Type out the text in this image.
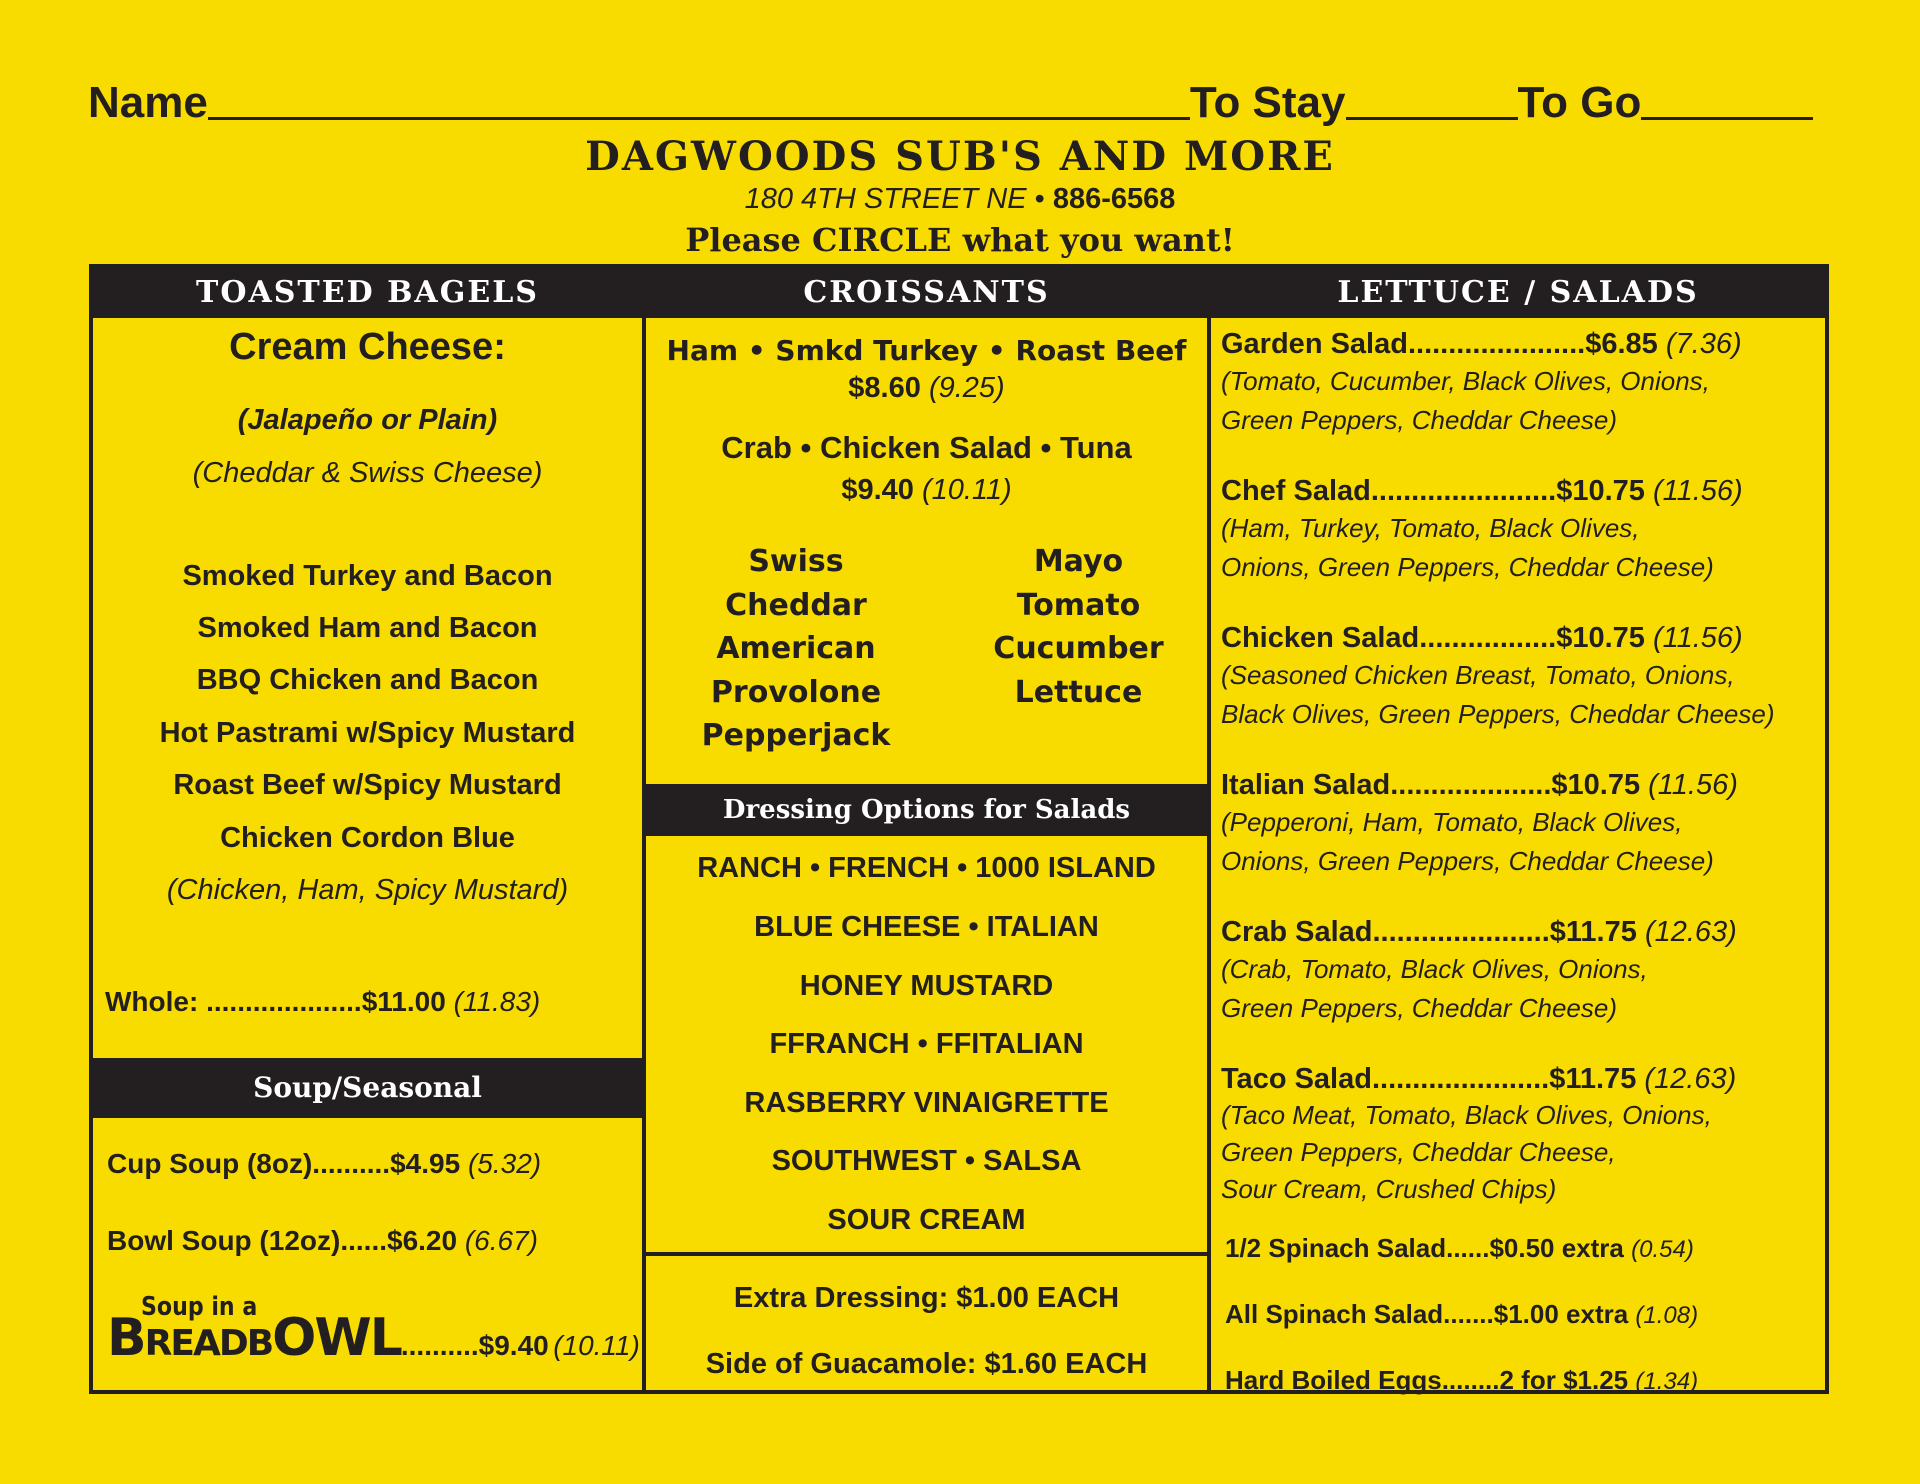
Name	To Stay	To Go
DAGWOODS SUB'S AND MORE
180 4TH STREET NE • 886-6568
Please CIRCLE what you want!
TOASTED BAGELS
Cream Cheese:
(Jalapeño or Plain)
(Cheddar & Swiss Cheese)
Smoked Turkey and Bacon
Smoked Ham and Bacon
BBQ Chicken and Bacon
Hot Pastrami w/Spicy Mustard
Roast Beef w/Spicy Mustard
Chicken Cordon Blue
(Chicken, Ham, Spicy Mustard)
Whole: ....................$11.00 (11.83)
Soup/Seasonal
Cup Soup (8oz)..........$4.95 (5.32)
Bowl Soup (12oz)......$6.20 (6.67)
Soup in a
BREADBOWL..........$9.40 (10.11)
CROISSANTS
Ham • Smkd Turkey • Roast Beef
$8.60 (9.25)
Crab • Chicken Salad • Tuna
$9.40 (10.11)
Swiss
Cheddar
American
Provolone
Pepperjack
Mayo
Tomato
Cucumber
Lettuce
Dressing Options for Salads
RANCH • FRENCH • 1000 ISLAND
BLUE CHEESE • ITALIAN
HONEY MUSTARD
FFRANCH • FFITALIAN
RASBERRY VINAIGRETTE
SOUTHWEST • SALSA
SOUR CREAM
Extra Dressing: $1.00 EACH
Side of Guacamole: $1.60 EACH
LETTUCE / SALADS
Garden Salad......................$6.85 (7.36)
(Tomato, Cucumber, Black Olives, Onions,
Green Peppers, Cheddar Cheese)
Chef Salad.......................$10.75 (11.56)
(Ham, Turkey, Tomato, Black Olives,
Onions, Green Peppers, Cheddar Cheese)
Chicken Salad.................$10.75 (11.56)
(Seasoned Chicken Breast, Tomato, Onions,
Black Olives, Green Peppers, Cheddar Cheese)
Italian Salad....................$10.75 (11.56)
(Pepperoni, Ham, Tomato, Black Olives,
Onions, Green Peppers, Cheddar Cheese)
Crab Salad......................$11.75 (12.63)
(Crab, Tomato, Black Olives, Onions,
Green Peppers, Cheddar Cheese)
Taco Salad......................$11.75 (12.63)
(Taco Meat, Tomato, Black Olives, Onions,
Green Peppers, Cheddar Cheese,
Sour Cream, Crushed Chips)
1/2 Spinach Salad......$0.50 extra (0.54)
All Spinach Salad.......$1.00 extra (1.08)
Hard Boiled Eggs........2 for $1.25 (1.34)
